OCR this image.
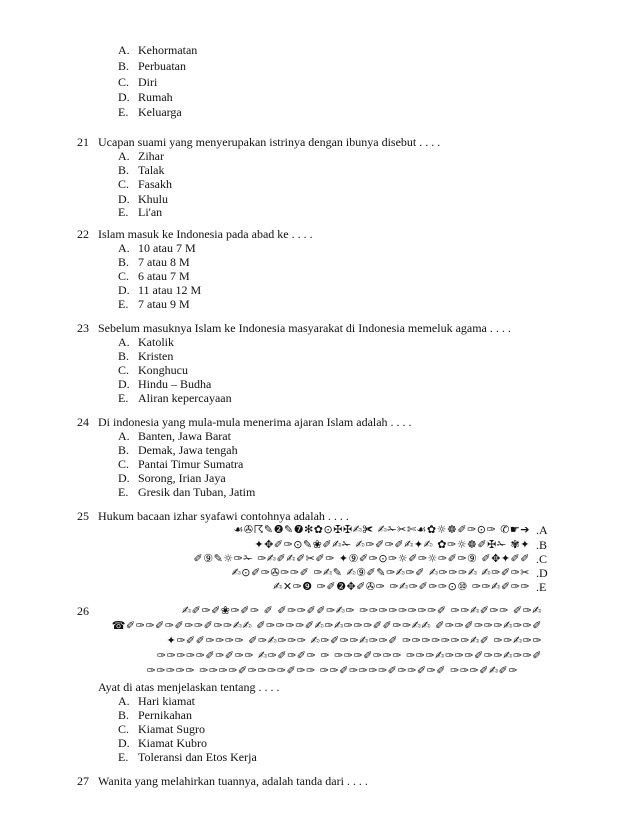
A. Kehormatan
B. Perbuatan
C. Diri
D. Rumah
E. Keluarga
21 Ucapan suami yang menyerupakan istrinya dengan ibunya disebut . . . .
A. Zihar
B. Talak
C. Fasakh
D. Khulu
E. Li'an
22 Islam masuk ke Indonesia pada abad ke . . . .
A. 10 atau 7 M
B. 7 atau 8 M
C. 6 atau 7 M
D. 11 atau 12 M
E. 7 atau 9 M
23 Sebelum masuknya Islam ke Indonesia masyarakat di Indonesia memeluk agama . . . .
A. Katolik
B. Kristen
C. Konghucu
D. Hindu – Budha
E. Aliran kepercayaan
24 Di indonesia yang mula-mula menerima ajaran Islam adalah . . . .
A. Banten, Jawa Barat
B. Demak, Jawa tengah
C. Pantai Timur Sumatra
D. Sorong, Irian Jaya
E. Gresik dan Tuban, Jatim
25 Hukum bacaan izhar syafawi contohnya adalah . . . .
☙✇☈✎❷✎❼✻✿⊙✠✠✍✀ ✍✁✂✄☙✿☼☸✐✑⊙✑ ✆☛➔ .A
✦✥✐✑⊙✎❀✐✍✁ ✍✑✐✑✐✍✦✍ ✿✑☼☸✐✠✁ ✾✦ .B
✐⑨✎☼✑✁ ✑✍✐✍✐✂✐✑ ✦⑨✐✑⊙✑☼✐✑☼✑✐✑⑨ ✐✥✦✐✐ .C
✍⊙✐✑✇✑✑✐ ✑✍✎ ✍⑨✐✎✑✍✑✐ ✍✑✑✑✍ ✍✑✐✑✂ .D
✍✕✑❾ ✑✐❷✥✐✇✑ ✑✍✑✐✑✑⊙⑩ ✑✑✍✐✑✑ .E
26	✍✐✑✐❀✑✐✑ ✐ ✐✑✑✐✐✑✍✑ ✑✑✑✑✑✑✑✑✐ ✑✑✍✐✑✑ ✐✑✍
☎✐✑✑✐✑✐✑✑✐✑✑✍✍ ✐✑✑✑✑✐✍✑✍✑✑✑✐✐✑✑✍✍ ✐✑✑✐✑✑✑✍✑✑✐
✦✑✐✐✑✑✑✑ ✐✑✍✑✑✑ ✍✑✐✑✑✍✑✑✐ ✑✑✑✑✑✑✑✍✐ ✑✑✍✑✑
✑✑✑✑✑✐✑✐✑✑ ✍✑✐✑✐✑ ✑ ✑✑✑✐✑✑✑ ✑✑✑✍✑✑✑✐✑✑✍✑✑✐
✑✑✑✑✑ ✑✑✑✑✐✑✑✑✑✐✑✑ ✑✑✐✑✑✑✑✐✑✑✐✑✐ ✑✑✑✐✍✐✑
Ayat di atas menjelaskan tentang . . . .
A. Hari kiamat
B. Pernikahan
C. Kiamat Sugro
D. Kiamat Kubro
E. Toleransi dan Etos Kerja
27 Wanita yang melahirkan tuannya, adalah tanda dari . . . .
